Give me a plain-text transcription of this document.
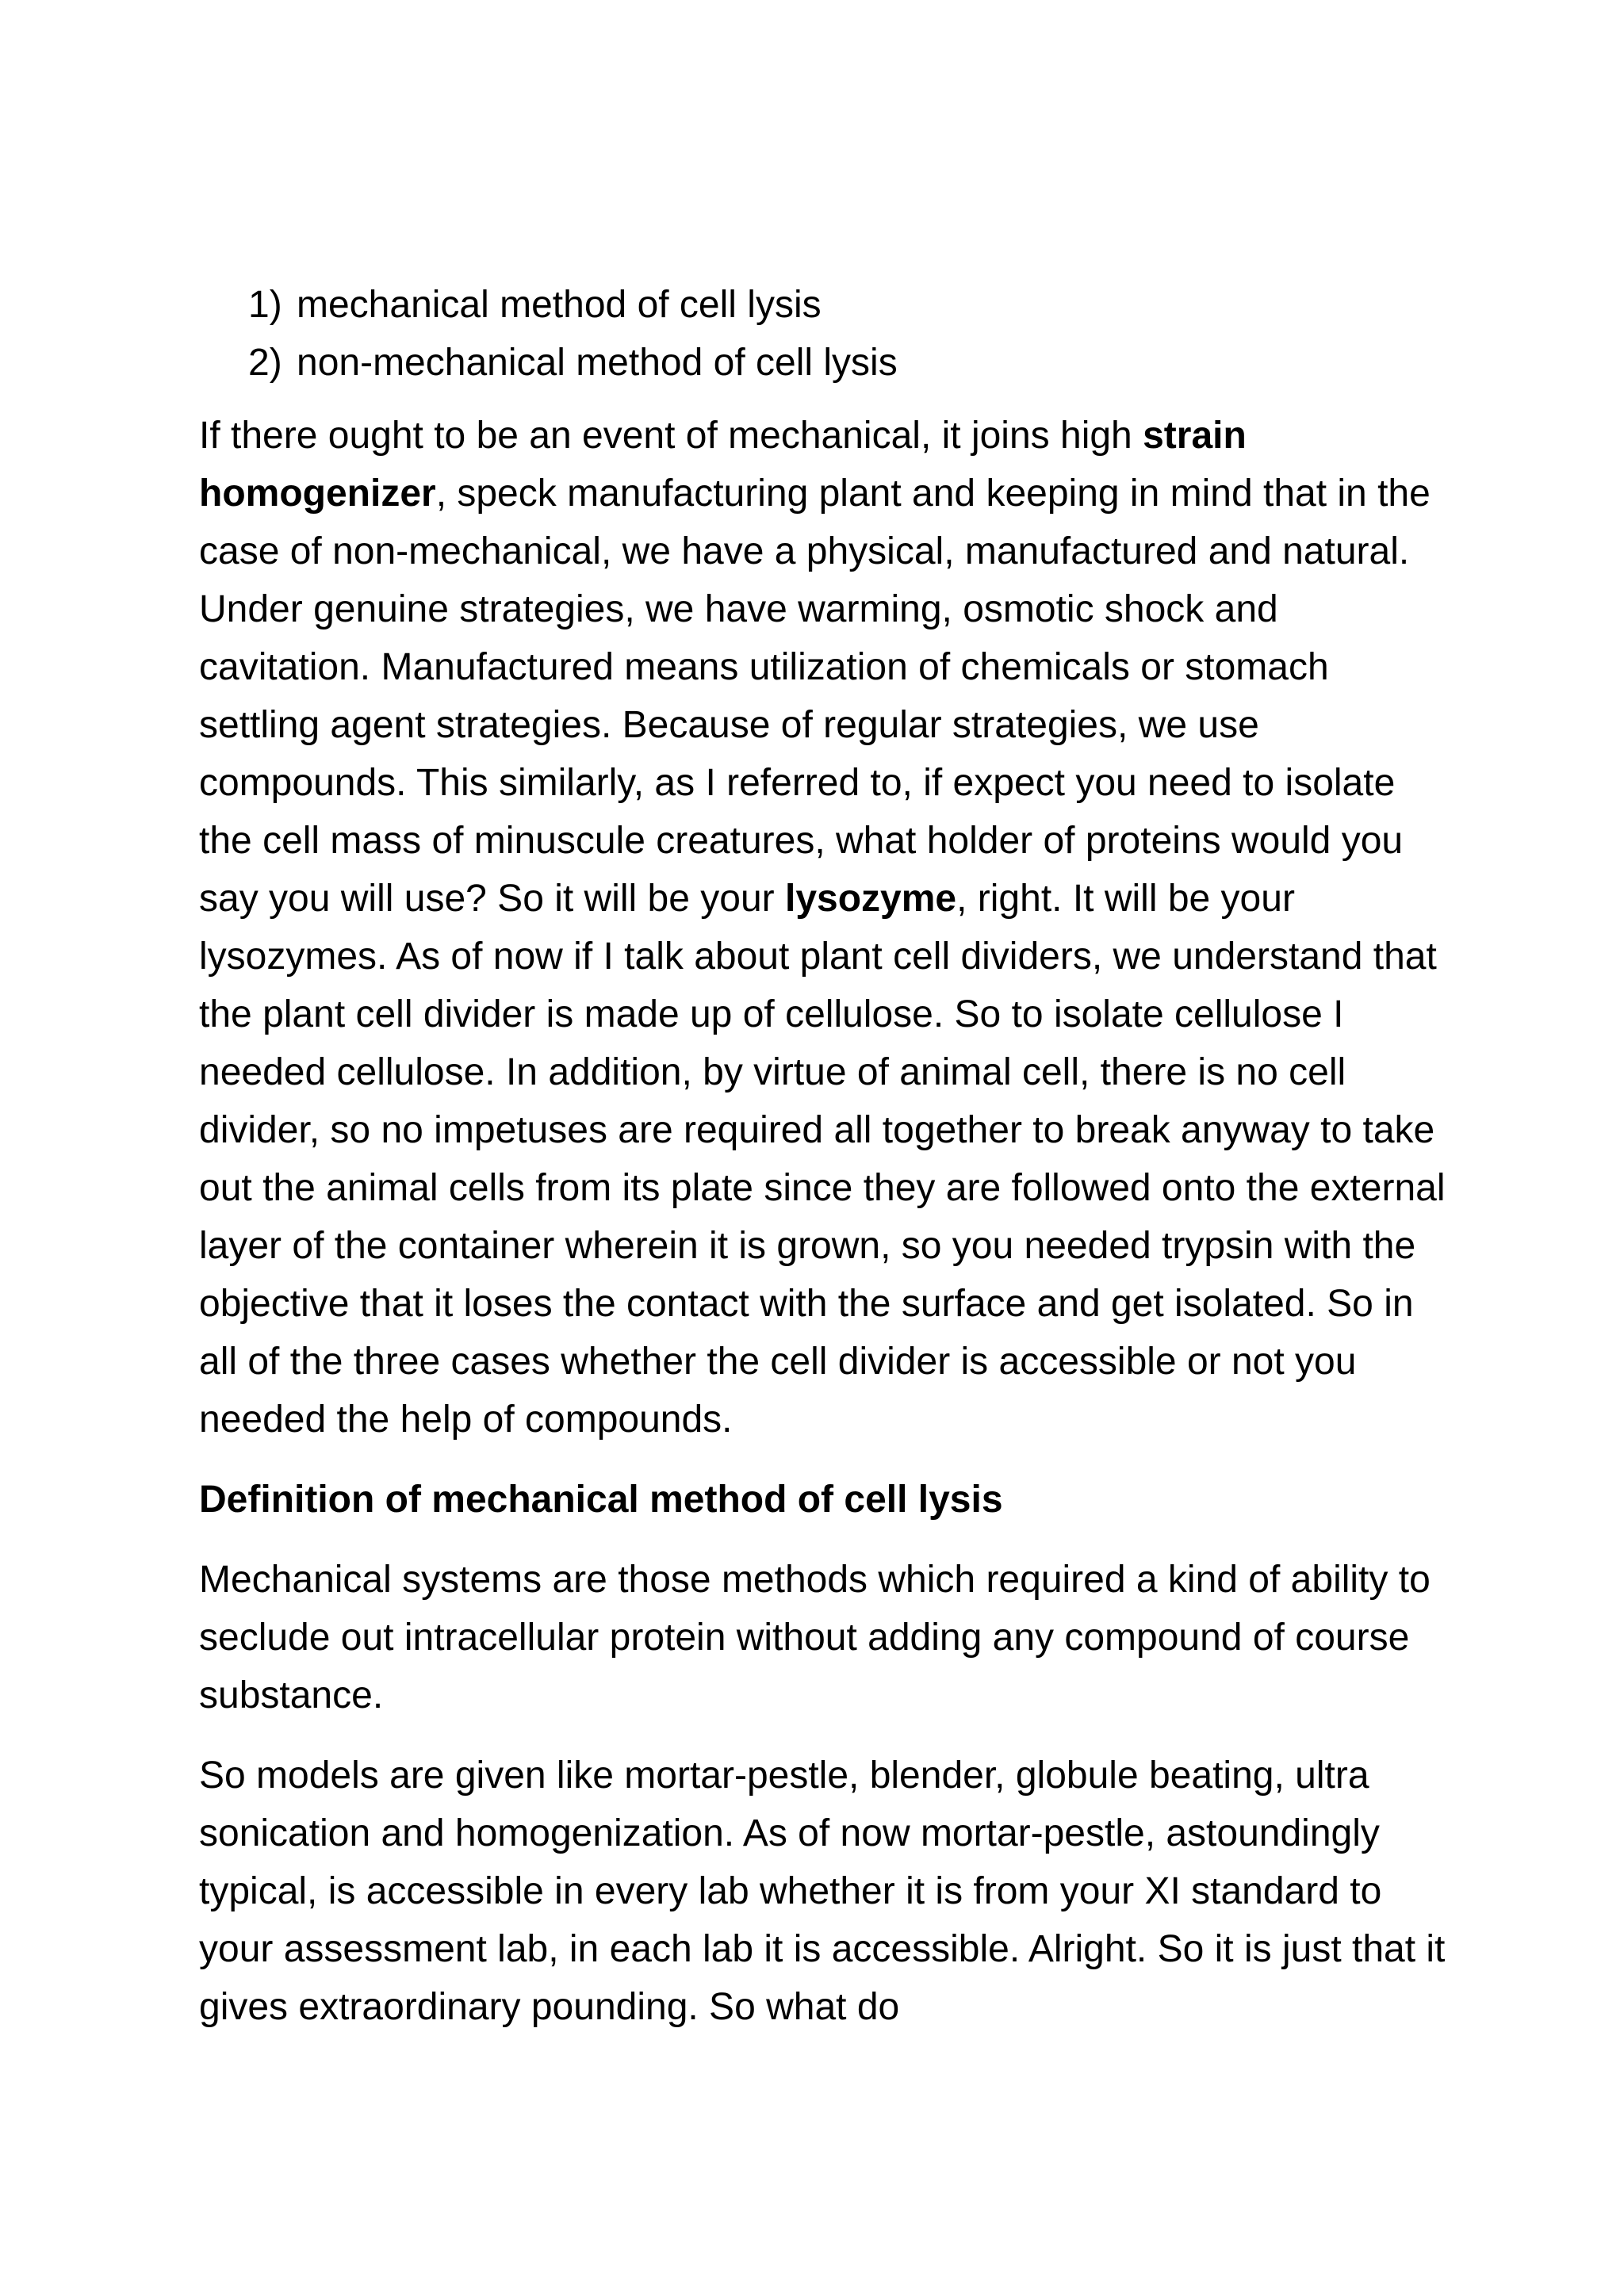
1) mechanical method of cell lysis
2) non-mechanical method of cell lysis

If there ought to be an event of mechanical, it joins high strain homogenizer, speck manufacturing plant and keeping in mind that in the case of non-mechanical, we have a physical, manufactured and natural. Under genuine strategies, we have warming, osmotic shock and cavitation. Manufactured means utilization of chemicals or stomach settling agent strategies. Because of regular strategies, we use compounds. This similarly, as I referred to, if expect you need to isolate the cell mass of minuscule creatures, what holder of proteins would you say you will use? So it will be your lysozyme, right. It will be your lysozymes. As of now if I talk about plant cell dividers, we understand that the plant cell divider is made up of cellulose. So to isolate cellulose I needed cellulose. In addition, by virtue of animal cell, there is no cell divider, so no impetuses are required all together to break anyway to take out the animal cells from its plate since they are followed onto the external layer of the container wherein it is grown, so you needed trypsin with the objective that it loses the contact with the surface and get isolated. So in all of the three cases whether the cell divider is accessible or not you needed the help of compounds.

Definition of mechanical method of cell lysis

Mechanical systems are those methods which required a kind of ability to seclude out intracellular protein without adding any compound of course substance.

So models are given like mortar-pestle, blender, globule beating, ultra sonication and homogenization. As of now mortar-pestle, astoundingly typical, is accessible in every lab whether it is from your XI standard to your assessment lab, in each lab it is accessible. Alright. So it is just that it gives extraordinary pounding. So what do
